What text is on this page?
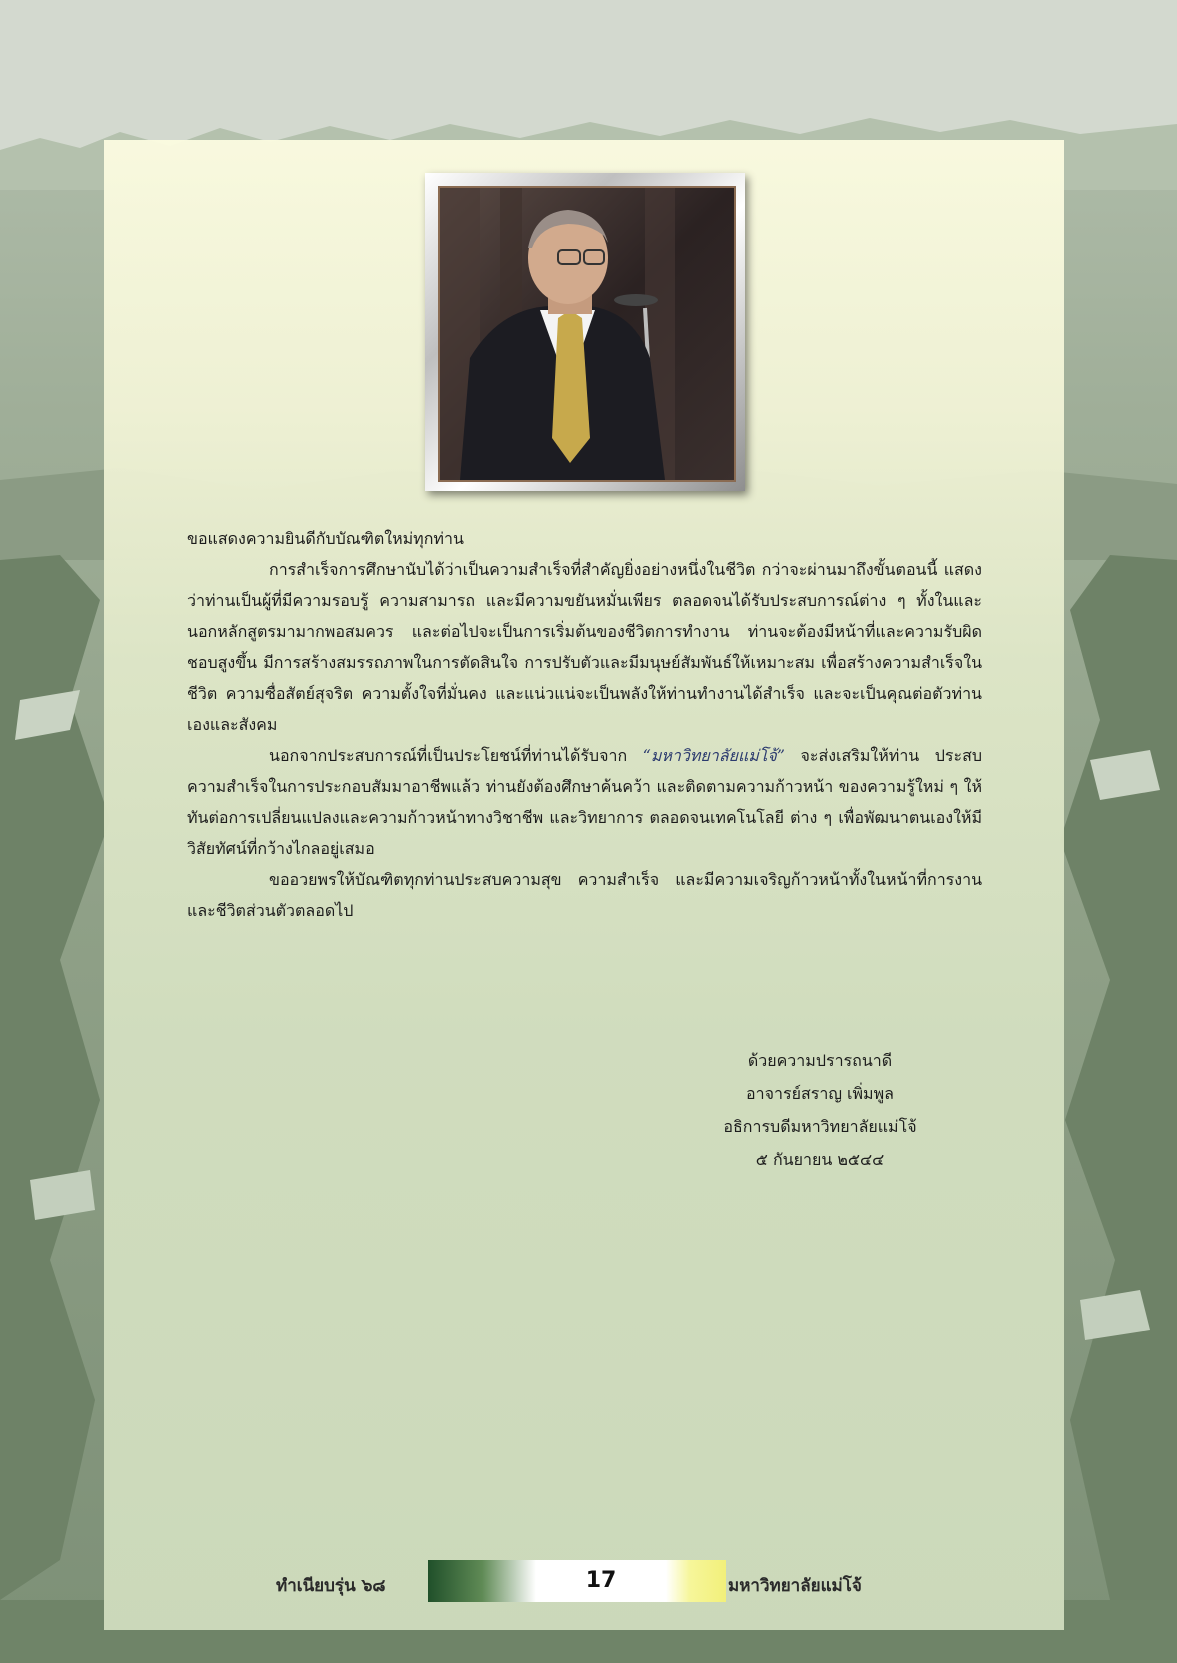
ขอแสดงความยินดีกับบัณฑิตใหม่ทุกท่าน

การสำเร็จการศึกษานับได้ว่าเป็นความสำเร็จที่สำคัญยิ่งอย่างหนึ่งในชีวิต กว่าจะผ่านมาถึงขั้นตอนนี้ แสดงว่าท่านเป็นผู้ที่มีความรอบรู้ ความสามารถ และมีความขยันหมั่นเพียร ตลอดจนได้รับประสบการณ์ต่าง ๆ ทั้งในและนอกหลักสูตรมามากพอสมควร และต่อไปจะเป็นการเริ่มต้นของชีวิตการทำงาน ท่านจะต้องมีหน้าที่และความรับผิดชอบสูงขึ้น มีการสร้างสมรรถภาพในการตัดสินใจ การปรับตัวและมีมนุษย์สัมพันธ์ให้เหมาะสม เพื่อสร้างความสำเร็จในชีวิต ความซื่อสัตย์สุจริต ความตั้งใจที่มั่นคง และแน่วแน่จะเป็นพลังให้ท่านทำงานได้สำเร็จ และจะเป็นคุณต่อตัวท่านเองและสังคม

นอกจากประสบการณ์ที่เป็นประโยชน์ที่ท่านได้รับจาก “มหาวิทยาลัยแม่โจ้” จะส่งเสริมให้ท่าน ประสบความสำเร็จในการประกอบสัมมาอาชีพแล้ว ท่านยังต้องศึกษาค้นคว้า และติดตามความก้าวหน้า ของความรู้ใหม่ ๆ ให้ทันต่อการเปลี่ยนแปลงและความก้าวหน้าทางวิชาชีพ และวิทยาการ ตลอดจนเทคโนโลยี ต่าง ๆ เพื่อพัฒนาตนเองให้มีวิสัยทัศน์ที่กว้างไกลอยู่เสมอ

ขออวยพรให้บัณฑิตทุกท่านประสบความสุข ความสำเร็จ และมีความเจริญก้าวหน้าทั้งในหน้าที่การงาน และชีวิตส่วนตัวตลอดไป

ด้วยความปรารถนาดี
อาจารย์สราญ เพิ่มพูล
อธิการบดีมหาวิทยาลัยแม่โจ้
๕ กันยายน ๒๕๔๔
ทำเนียบรุ่น ๖๘	17	มหาวิทยาลัยแม่โจ้
